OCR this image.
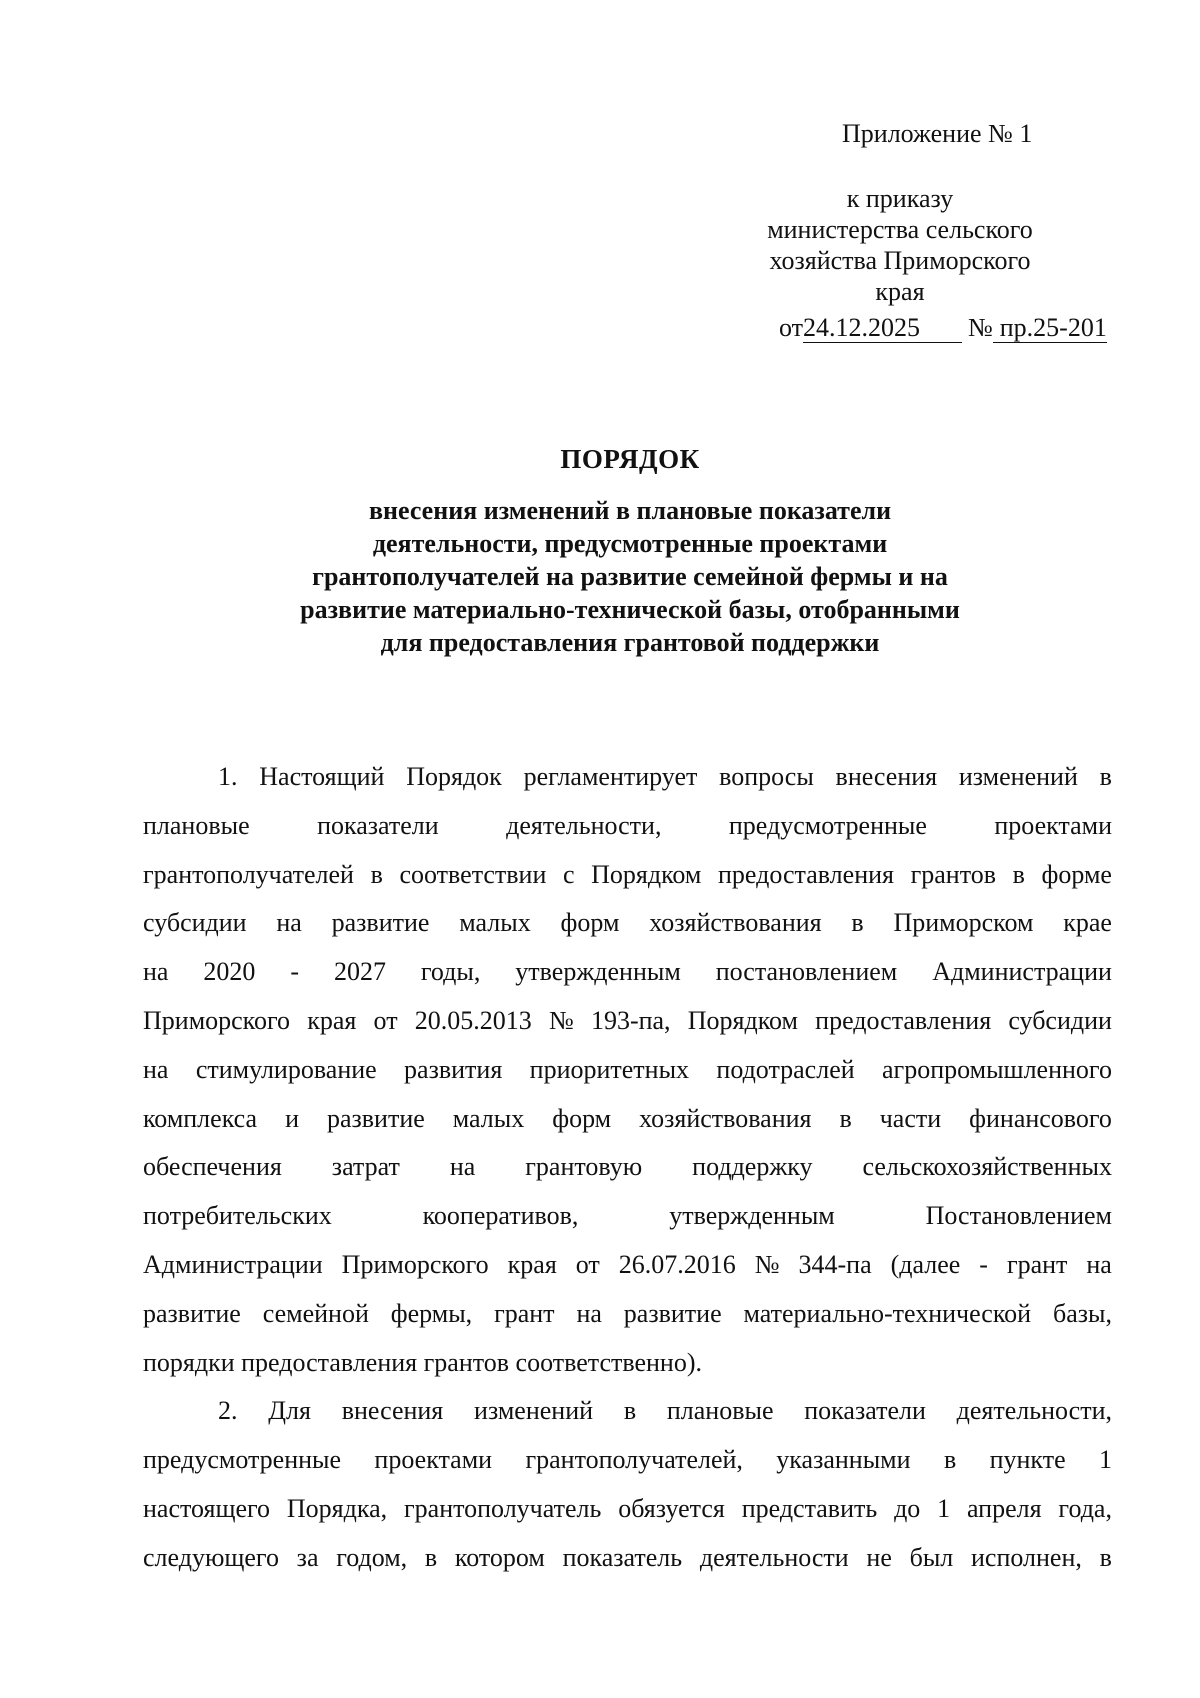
Приложение № 1
к приказу
министерства сельского
хозяйства Приморского
края
от24.12.2025 № пр.25-201
ПОРЯДОК
внесения изменений в плановые показатели
деятельности, предусмотренные проектами
грантополучателей на развитие семейной фермы и на
развитие материально-технической базы, отобранными
для предоставления грантовой поддержки
1. Настоящий Порядок регламентирует вопросы внесения изменений в
плановые	показатели	деятельности,	предусмотренные	проектами
грантополучателей в соответствии с Порядком предоставления грантов в форме
субсидии на развитие малых форм хозяйствования в Приморском крае
на 2020 - 2027 годы, утвержденным постановлением Администрации
Приморского края от 20.05.2013 № 193-па, Порядком предоставления субсидии
на стимулирование развития приоритетных подотраслей агропромышленного
комплекса и развитие малых форм хозяйствования в части финансового
обеспечения затрат на грантовую поддержку сельскохозяйственных
потребительских	кооперативов,	утвержденным	Постановлением
Администрации Приморского края от 26.07.2016 № 344-па (далее - грант на
развитие семейной фермы, грант на развитие материально-технической базы,
порядки предоставления грантов соответственно).
2. Для внесения изменений в плановые показатели деятельности,
предусмотренные проектами грантополучателей, указанными в пункте 1
настоящего Порядка, грантополучатель обязуется представить до 1 апреля года,
следующего за годом, в котором показатель деятельности не был исполнен, в
